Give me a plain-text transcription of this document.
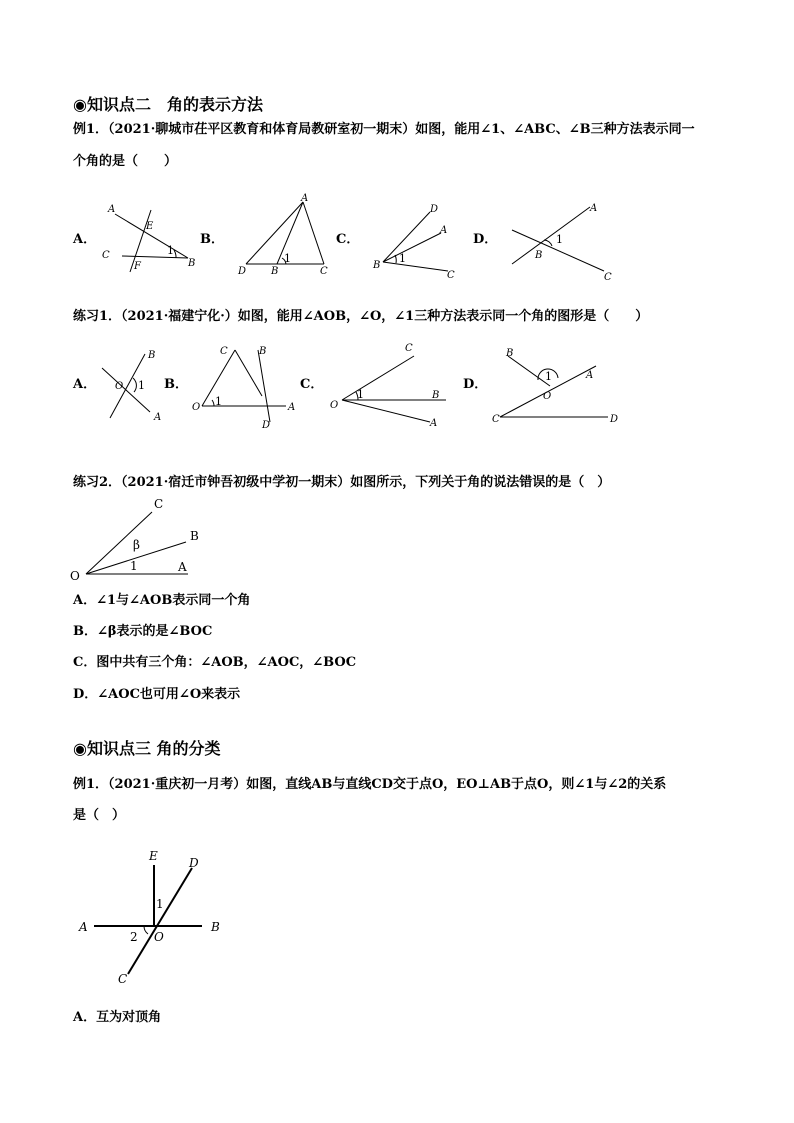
◉知识点二　角的表示方法
例1．（2021·聊城市茌平区教育和体育局教研室初一期末）如图，能用∠1、∠ABC、∠B三种方法表示同一
个角的是（　　）
A．	B．	C．	D．
A
E
1
C
F	B
A
D B	C
1
D
A
B
C
1
A
B
C
1
练习1．（2021·福建宁化·）如图，能用∠AOB，∠O，∠1三种方法表示同一个角的图形是（　　）
A．	B．	C．	D．
B
O 1
A
C	B
O 1	A
D
C
O
1	B
A
B
1	A
O
C	D
练习2．（2021·宿迁市钟吾初级中学初一期末）如图所示，下列关于角的说法错误的是（　）
C
β
B
O
1	A
A．∠1与∠AOB表示同一个角
B．∠β表示的是∠BOC
C．图中共有三个角：∠AOB，∠AOC，∠BOC
D．∠AOC也可用∠O来表示
◉知识点三 角的分类
例1．（2021·重庆初一月考）如图，直线AB与直线CD交于点O，EO⊥AB于点O，则∠1与∠2的关系
是（　）
E	D
1
A
O
B
2
C
A．互为对顶角
